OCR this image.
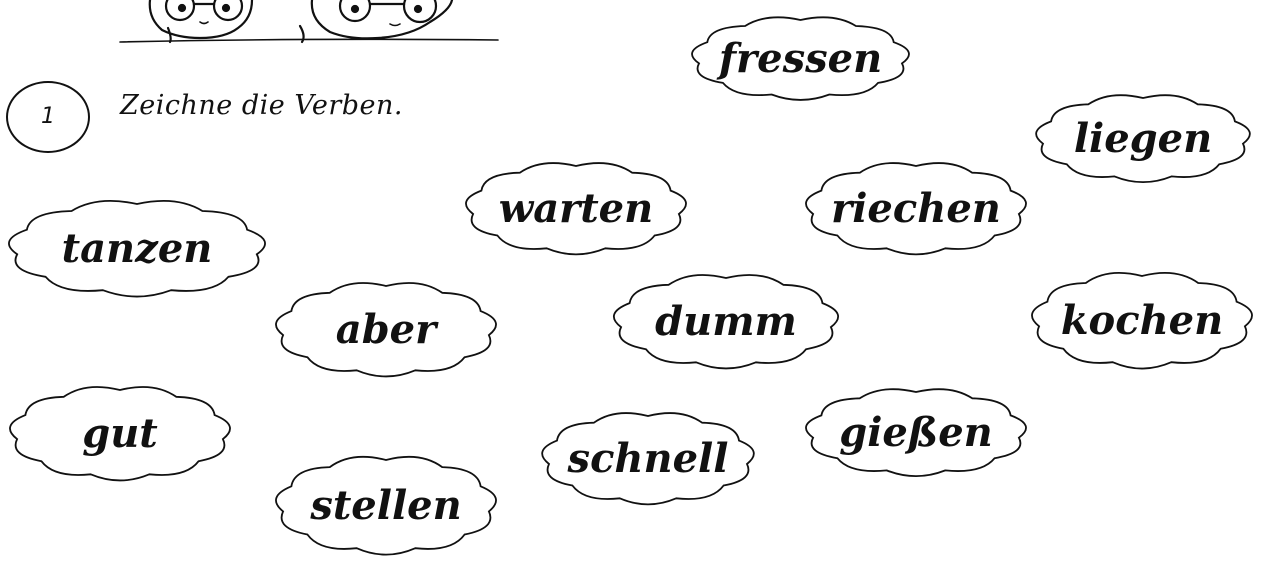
1	Zeichne die Verben.
fressen
liegen
warten	riechen
tanzen
aber	dumm	kochen
gut	gießen
schnell
stellen
